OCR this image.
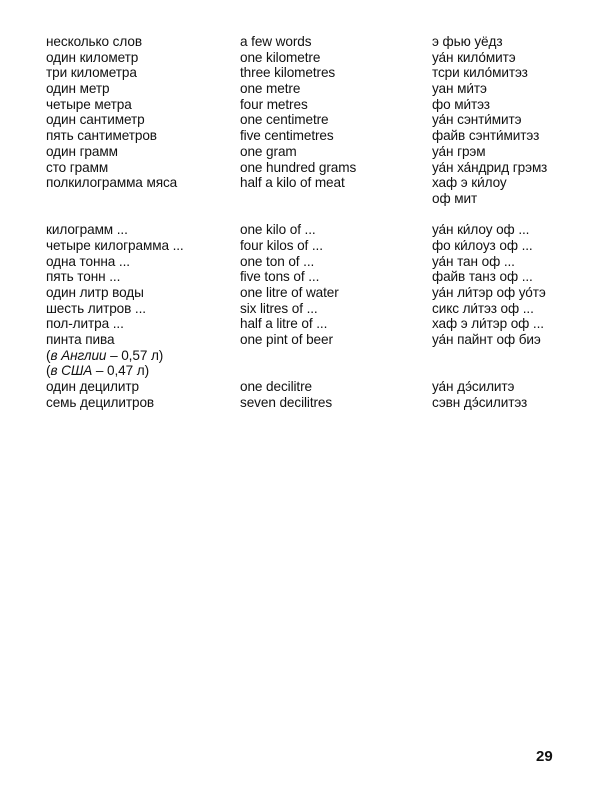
несколько слов
один километр
три километра
один метр
четыре метра
один сантиметр
пять сантиметров
один грамм
сто грамм
полкилограмма мяса
килограмм ...
четыре килограмма ...
одна тонна ...
пять тонн ...
один литр воды
шесть литров ...
пол-литра ...
пинта пива
(в Англии – 0,57 л)
(в США – 0,47 л)
один децилитр
семь децилитров
a few words
one kilometre
three kilometres
one metre
four metres
one centimetre
five centimetres
one gram
one hundred grams
half a kilo of meat
one kilo of ...
four kilos of ...
one ton of ...
five tons of ...
one litre of water
six litres of ...
half a litre of ...
one pint of beer
one decilitre
seven decilitres
э фью уёдз
уа́н кило́митэ
тсри кило́митэз
уан ми́тэ
фо ми́тэз
уа́н сэнти́митэ
файв сэнти́митэз
уа́н грэм
уа́н ха́ндрид грэмз
хаф э ки́лоу
оф мит
уа́н ки́лоу оф ...
фо ки́лоуз оф ...
уа́н тан оф ...
файв танз оф ...
уа́н ли́тэр оф уо́тэ
сикс ли́тэз оф ...
хаф э ли́тэр оф ...
уа́н пайнт оф биэ
уа́н дэ́силитэ
сэвн дэ́силитэз
29
